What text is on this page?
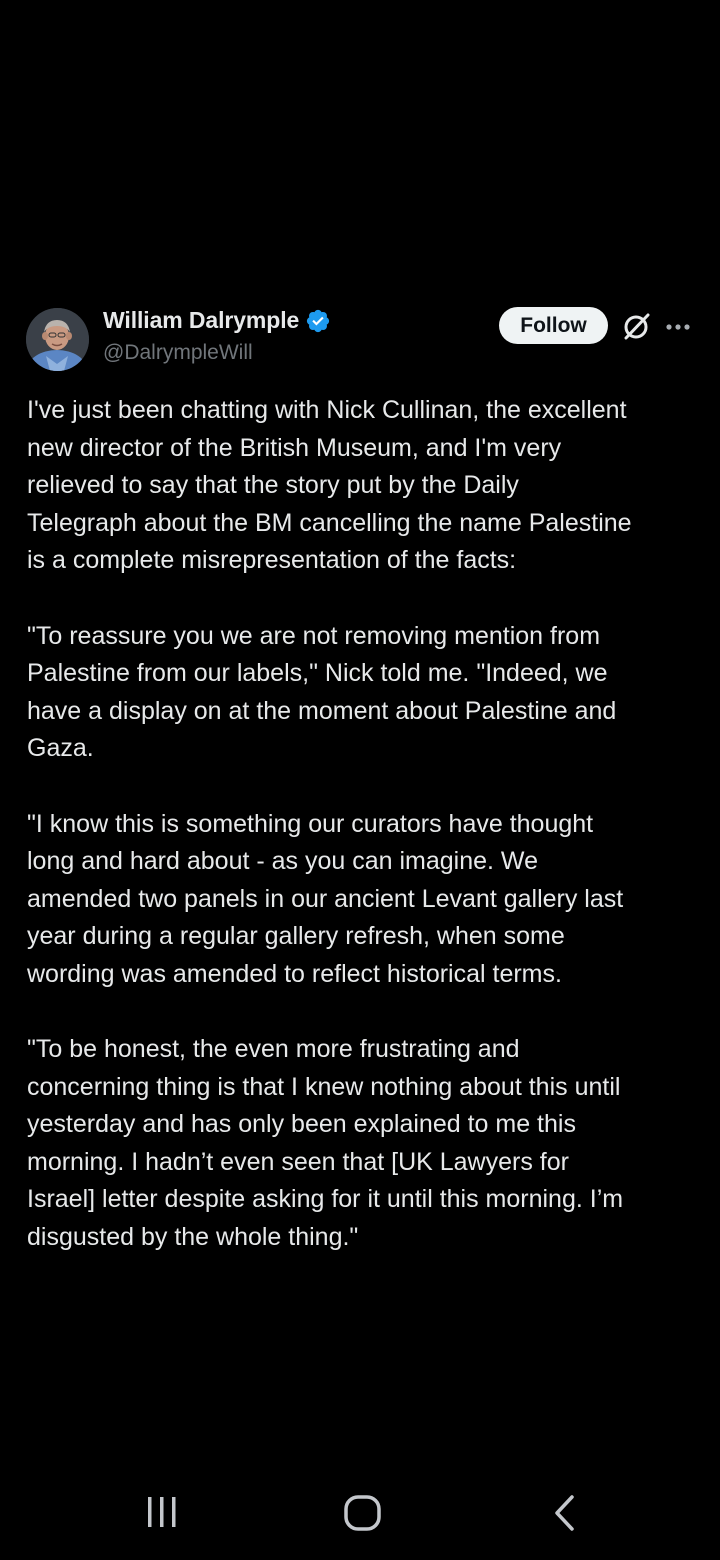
William Dalrymple
@DalrympleWill
Follow

I've just been chatting with Nick Cullinan, the excellent
new director of the British Museum, and I'm very
relieved to say that the story put by the Daily
Telegraph about the BM cancelling the name Palestine
is a complete misrepresentation of the facts:

"To reassure you we are not removing mention from
Palestine from our labels," Nick told me. "Indeed, we
have a display on at the moment about Palestine and
Gaza.

"I know this is something our curators have thought
long and hard about - as you can imagine. We
amended two panels in our ancient Levant gallery last
year during a regular gallery refresh, when some
wording was amended to reflect historical terms.

"To be honest, the even more frustrating and
concerning thing is that I knew nothing about this until
yesterday and has only been explained to me this
morning. I hadn’t even seen that [UK Lawyers for
Israel] letter despite asking for it until this morning. I’m
disgusted by the whole thing."
